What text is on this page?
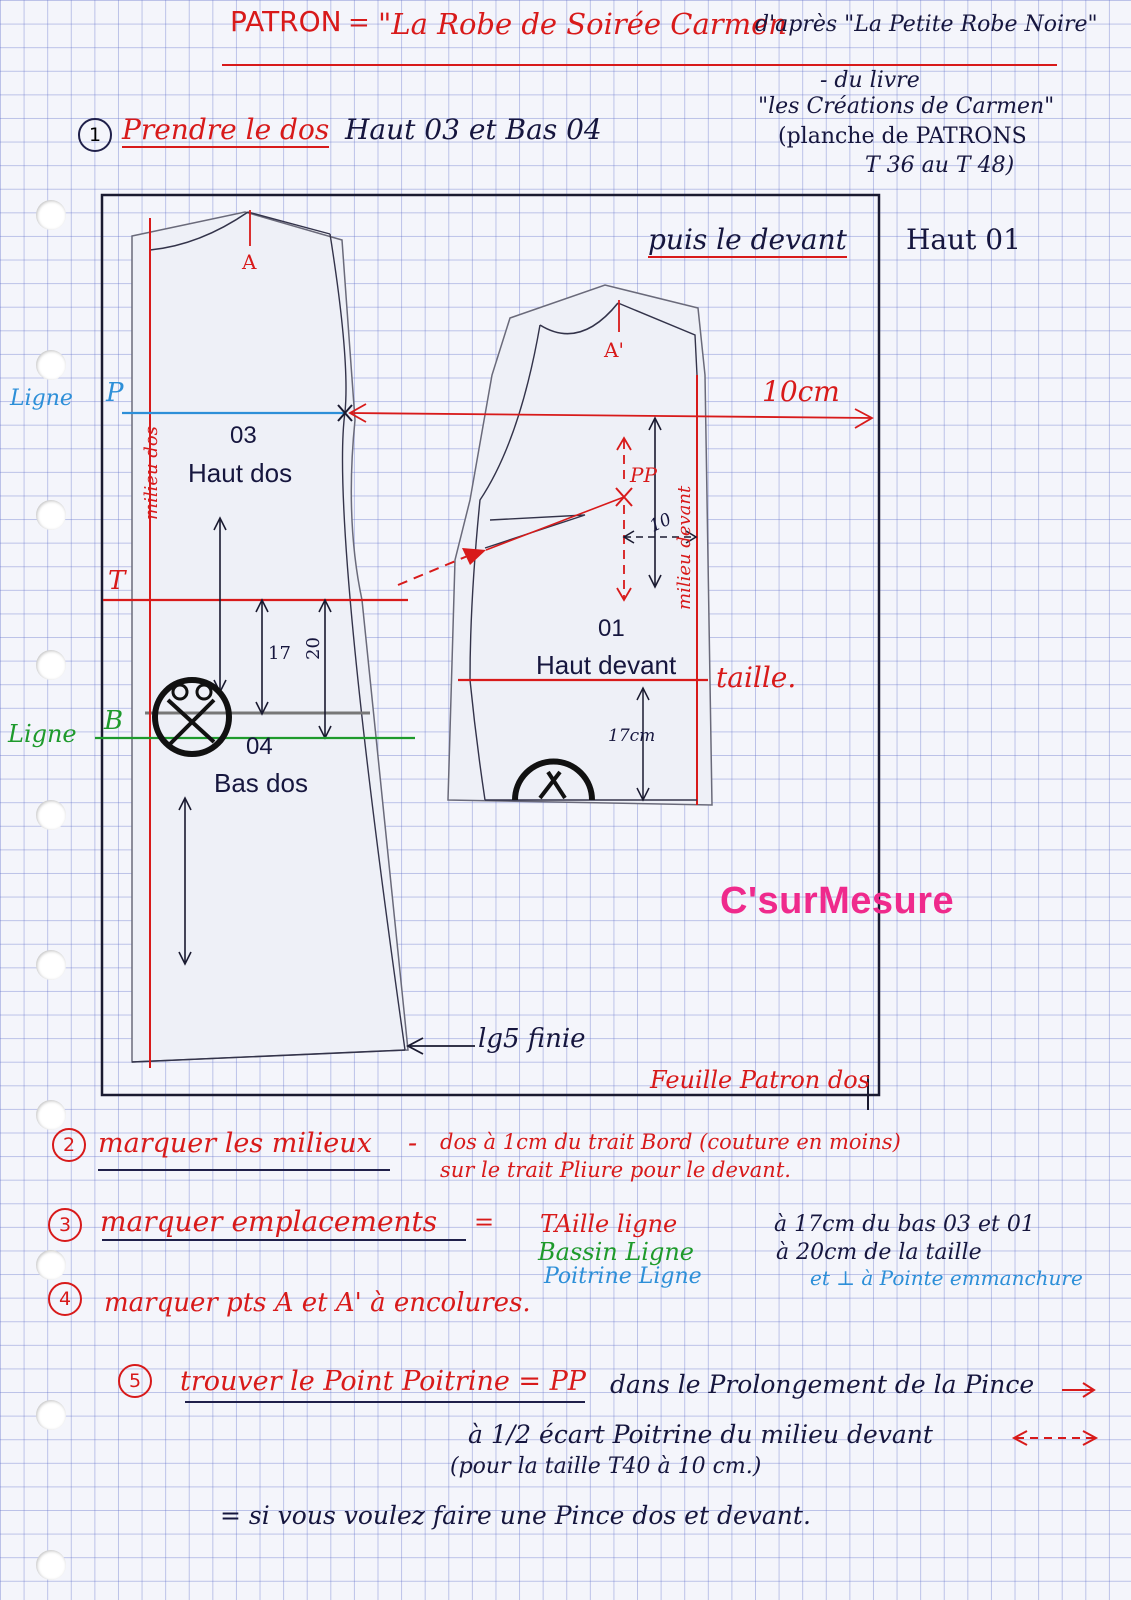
PATRON = "La Robe de Soirée Carmen
d'après "La Petite Robe Noire"
- du livre
"les Créations de Carmen"
(planche de PATRONS
T 36 au T 48)
1 Prendre le dos Haut 03 et Bas 04
puis le devant Haut 01
Ligne P
T
Ligne B
milieu dos
milieu devant
A
A'
PP
10cm
10
17 20
17cm
taille.
03
Haut dos
04
Bas dos
01
Haut devant
lg5 finie
Feuille Patron dos
C'surMesure
2 marquer les milieux - dos à 1cm du trait Bord (couture en moins)
sur le trait Pliure pour le devant.
3	marquer emplacements = TAille ligne	à 17cm du bas 03 et 01
Bassin Ligne	à 20cm de la taille
Poitrine Ligne	et ⊥ à Pointe emmanchure
4	marquer pts A et A' à encolures.
5	trouver le Point Poitrine = PP dans le Prolongement de la Pince
à 1/2 écart Poitrine du milieu devant
(pour la taille T40 à 10 cm.)
= si vous voulez faire une Pince dos et devant.
